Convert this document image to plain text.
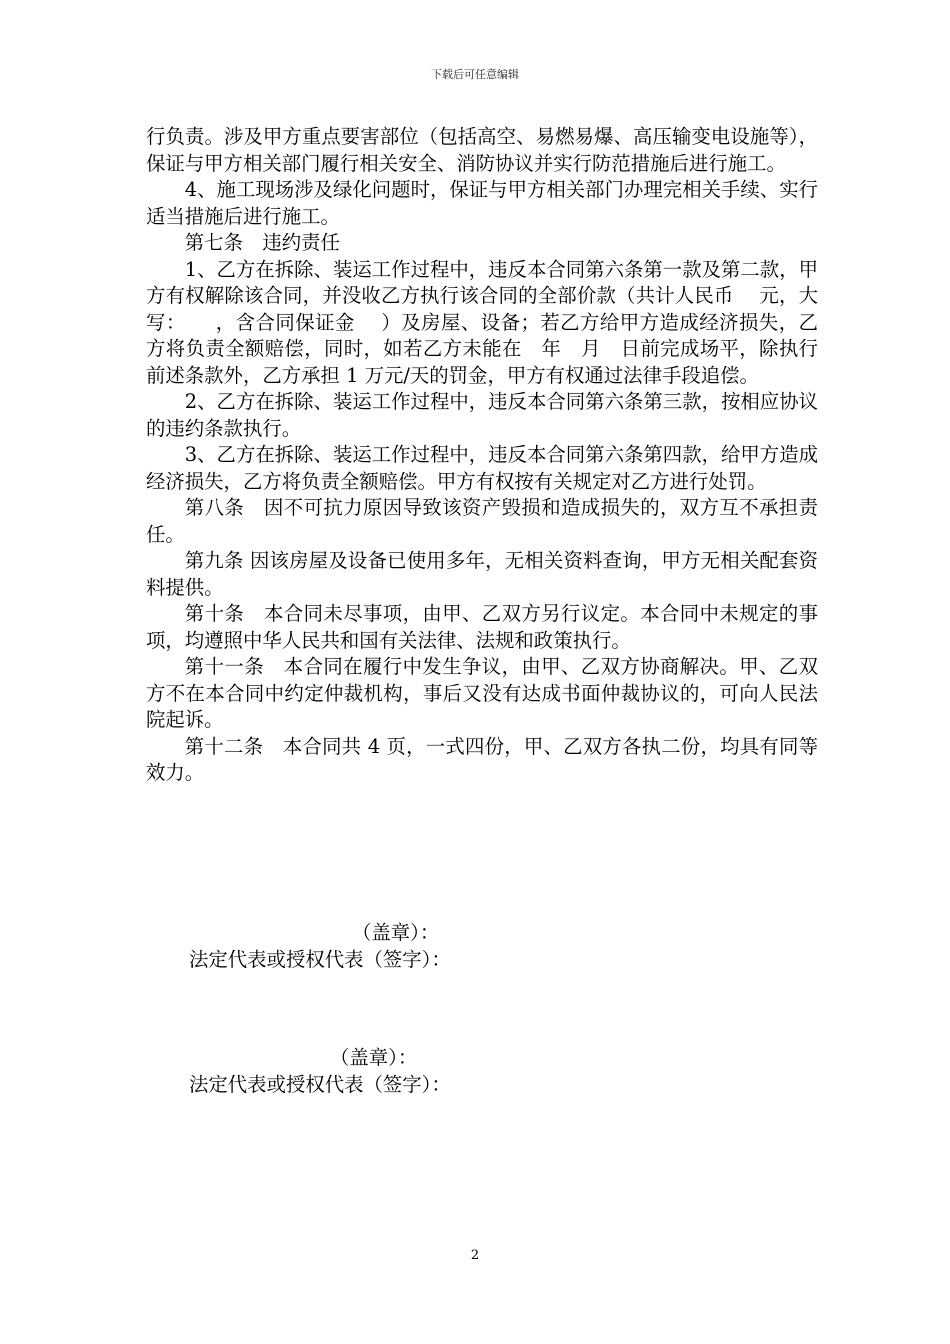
下载后可任意编辑

行负责。涉及甲方重点要害部位（包括高空、易燃易爆、高压输变电设施等），保证与甲方相关部门履行相关安全、消防协议并实行防范措施后进行施工。

4、施工现场涉及绿化问题时，保证与甲方相关部门办理完相关手续、实行适当措施后进行施工。

第七条　违约责任

1、乙方在拆除、装运工作过程中，违反本合同第六条第一款及第二款，甲方有权解除该合同，并没收乙方执行该合同的全部价款（共计人民币　 元，大写：　　，含合同保证金　 ）及房屋、设备；若乙方给甲方造成经济损失，乙方将负责全额赔偿，同时，如若乙方未能在　年　月　日前完成场平，除执行前述条款外，乙方承担 1 万元/天的罚金，甲方有权通过法律手段追偿。

2、乙方在拆除、装运工作过程中，违反本合同第六条第三款，按相应协议的违约条款执行。

3、乙方在拆除、装运工作过程中，违反本合同第六条第四款，给甲方造成经济损失，乙方将负责全额赔偿。甲方有权按有关规定对乙方进行处罚。

第八条　因不可抗力原因导致该资产毁损和造成损失的，双方互不承担责任。

第九条 因该房屋及设备已使用多年，无相关资料查询，甲方无相关配套资料提供。

第十条　本合同未尽事项，由甲、乙双方另行议定。本合同中未规定的事项，均遵照中华人民共和国有关法律、法规和政策执行。

第十一条　本合同在履行中发生争议，由甲、乙双方协商解决。甲、乙双方不在本合同中约定仲裁机构，事后又没有达成书面仲裁协议的，可向人民法院起诉。

第十二条　本合同共 4 页，一式四份，甲、乙双方各执二份，均具有同等效力。

（盖章）：
法定代表或授权代表（签字）：
（盖章）：
法定代表或授权代表（签字）：
2
